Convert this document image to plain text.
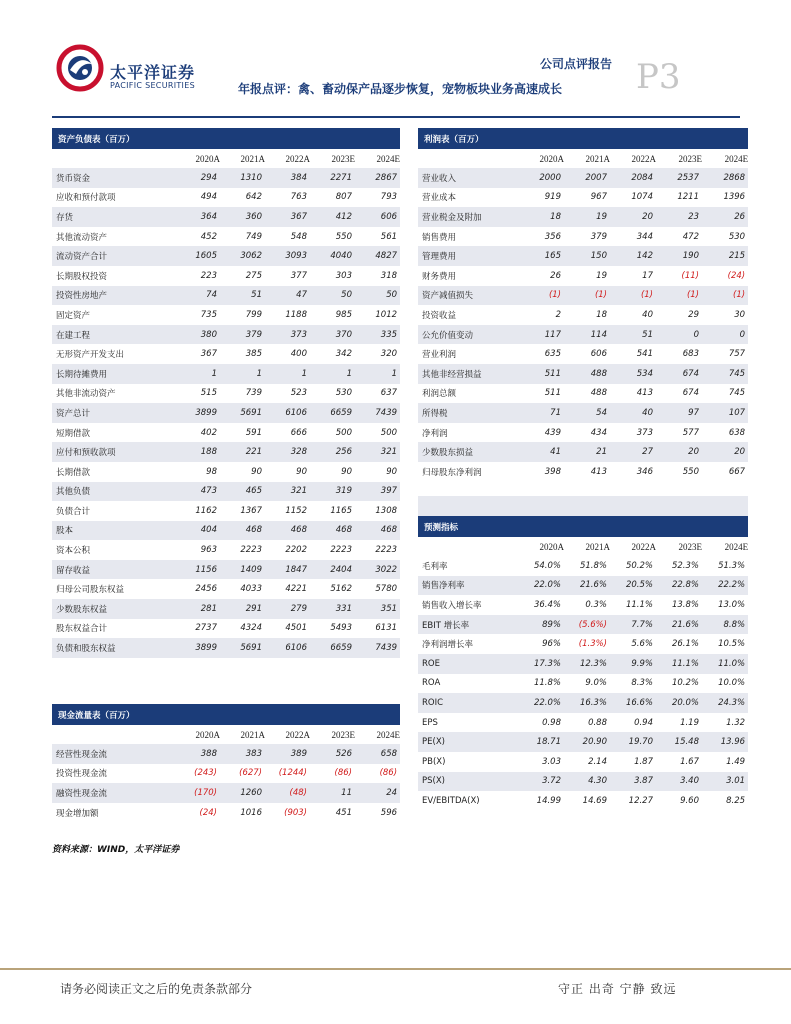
太平洋证券
PACIFIC SECURITIES
公司点评报告 P3
年报点评：禽、畜动保产品逐步恢复，宠物板块业务高速成长
资产负债表（百万）					
	2020A	2021A	2022A	2023E	2024E
货币资金	294	1310	384	2271	2867
应收和预付款项	494	642	763	807	793
存货	364	360	367	412	606
其他流动资产	452	749	548	550	561
流动资产合计	1605	3062	3093	4040	4827
长期股权投资	223	275	377	303	318
投资性房地产	74	51	47	50	50
固定资产	735	799	1188	985	1012
在建工程	380	379	373	370	335
无形资产开发支出	367	385	400	342	320
长期待摊费用	1	1	1	1	1
其他非流动资产	515	739	523	530	637
资产总计	3899	5691	6106	6659	7439
短期借款	402	591	666	500	500
应付和预收款项	188	221	328	256	321
长期借款	98	90	90	90	90
其他负债	473	465	321	319	397
负债合计	1162	1367	1152	1165	1308
股本	404	468	468	468	468
资本公积	963	2223	2202	2223	2223
留存收益	1156	1409	1847	2404	3022
归母公司股东权益	2456	4033	4221	5162	5780
少数股东权益	281	291	279	331	351
股东权益合计	2737	4324	4501	5493	6131
负债和股东权益	3899	5691	6106	6659	7439
现金流量表（百万）					
	2020A	2021A	2022A	2023E	2024E
经营性现金流	388	383	389	526	658
投资性现金流	(243)	(627)	(1244)	(86)	(86)
融资性现金流	(170)	1260	(48)	11	24
现金增加额	(24)	1016	(903)	451	596
利润表（百万）					
	2020A	2021A	2022A	2023E	2024E
营业收入	2000	2007	2084	2537	2868
营业成本	919	967	1074	1211	1396
营业税金及附加	18	19	20	23	26
销售费用	356	379	344	472	530
管理费用	165	150	142	190	215
财务费用	26	19	17	(11)	(24)
资产减值损失	(1)	(1)	(1)	(1)	(1)
投资收益	2	18	40	29	30
公允价值变动	117	114	51	0	0
营业利润	635	606	541	683	757
其他非经营损益	511	488	534	674	745
利润总额	511	488	413	674	745
所得税	71	54	40	97	107
净利润	439	434	373	577	638
少数股东损益	41	21	27	20	20
归母股东净利润	398	413	346	550	667
预测指标					
	2020A	2021A	2022A	2023E	2024E
毛利率	54.0%	51.8%	50.2%	52.3%	51.3%
销售净利率	22.0%	21.6%	20.5%	22.8%	22.2%
销售收入增长率	36.4%	0.3%	11.1%	13.8%	13.0%
EBIT 增长率	89%	(5.6%)	7.7%	21.6%	8.8%
净利润增长率	96%	(1.3%)	5.6%	26.1%	10.5%
ROE	17.3%	12.3%	9.9%	11.1%	11.0%
ROA	11.8%	9.0%	8.3%	10.2%	10.0%
ROIC	22.0%	16.3%	16.6%	20.0%	24.3%
EPS	0.98	0.88	0.94	1.19	1.32
PE(X)	18.71	20.90	19.70	15.48	13.96
PB(X)	3.03	2.14	1.87	1.67	1.49
PS(X)	3.72	4.30	3.87	3.40	3.01
EV/EBITDA(X)	14.99	14.69	12.27	9.60	8.25
资料来源：WIND，太平洋证券
请务必阅读正文之后的免责条款部分	守正 出奇 宁静 致远
